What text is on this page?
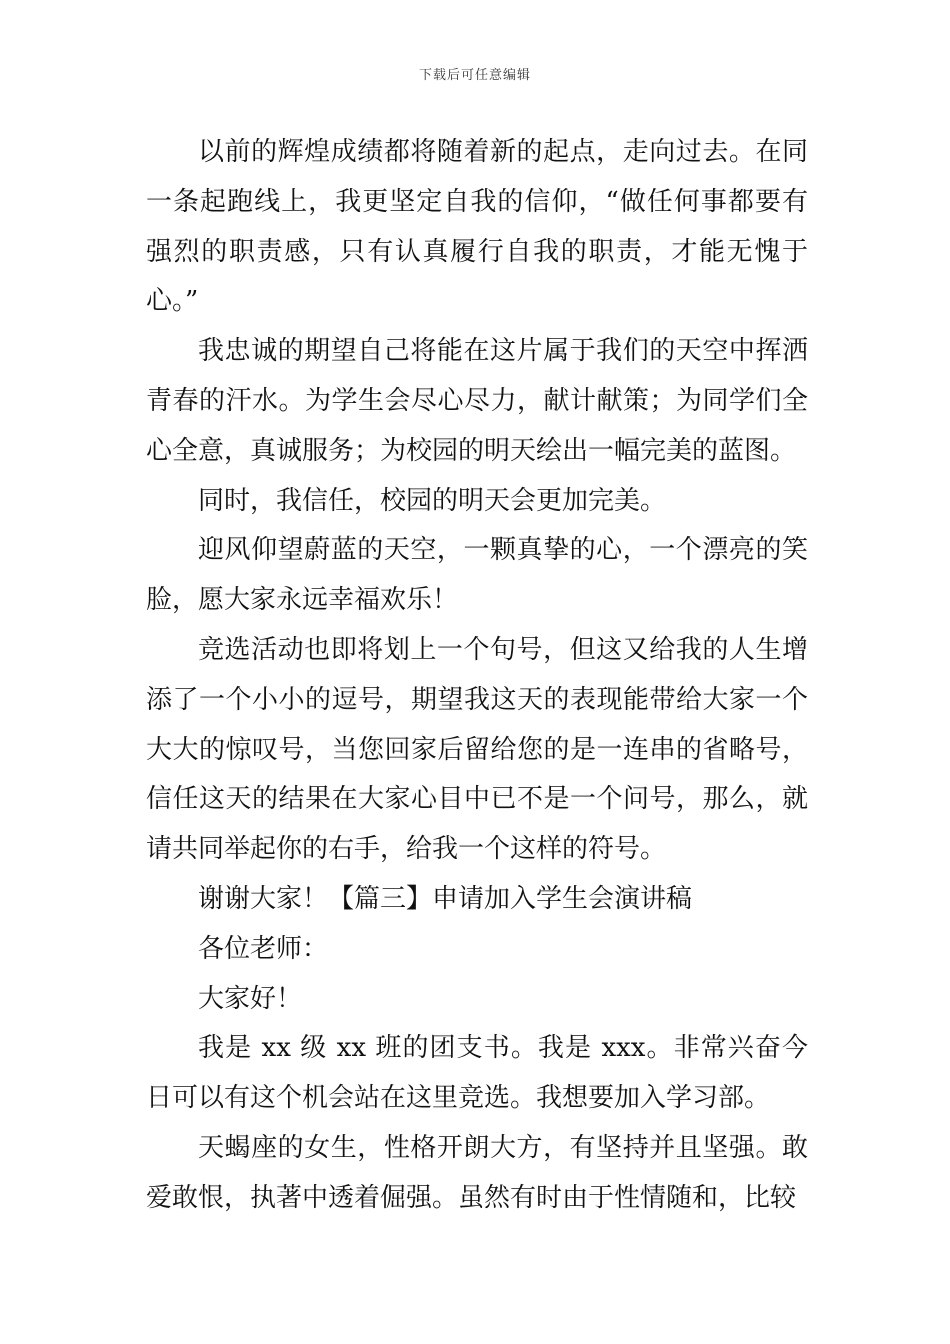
下载后可任意编辑

以前的辉煌成绩都将随着新的起点，走向过去。在同一条起跑线上，我更坚定自我的信仰，“做任何事都要有强烈的职责感，只有认真履行自我的职责，才能无愧于心。”

我忠诚的期望自己将能在这片属于我们的天空中挥洒青春的汗水。为学生会尽心尽力，献计献策；为同学们全心全意，真诚服务；为校园的明天绘出一幅完美的蓝图。

同时，我信任，校园的明天会更加完美。

迎风仰望蔚蓝的天空，一颗真挚的心，一个漂亮的笑脸，愿大家永远幸福欢乐！

竞选活动也即将划上一个句号，但这又给我的人生增添了一个小小的逗号，期望我这天的表现能带给大家一个大大的惊叹号，当您回家后留给您的是一连串的省略号，信任这天的结果在大家心目中已不是一个问号，那么，就请共同举起你的右手，给我一个这样的符号。

谢谢大家！【篇三】申请加入学生会演讲稿

各位老师：

大家好！

我是 xx 级 xx 班的团支书。我是 xxx。非常兴奋今日可以有这个机会站在这里竞选。我想要加入学习部。

天蝎座的女生，性格开朗大方，有坚持并且坚强。敢爱敢恨，执著中透着倔强。虽然有时由于性情随和，比较
